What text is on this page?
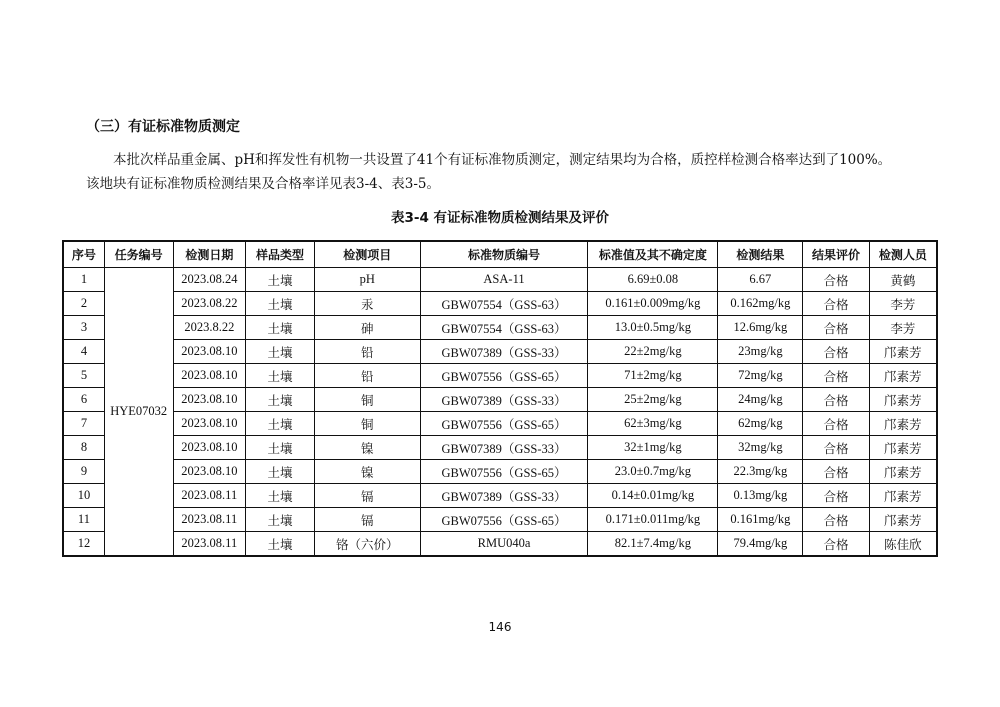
（三）有证标准物质测定
本批次样品重金属、pH和挥发性有机物一共设置了41个有证标准物质测定，测定结果均为合格，质控样检测合格率达到了100%。
该地块有证标准物质检测结果及合格率详见表3-4、表3-5。
表3-4 有证标准物质检测结果及评价
序号	任务编号	检测日期	样品类型	检测项目	标准物质编号	标准值及其不确定度	检测结果	结果评价	检测人员
1	HYE07032	2023.08.24	土壤	pH	ASA-11	6.69±0.08	6.67	合格	黄鹤
2		2023.08.22	土壤	汞	GBW07554（GSS-63）	0.161±0.009mg/kg	0.162mg/kg	合格	李芳
3		2023.8.22	土壤	砷	GBW07554（GSS-63）	13.0±0.5mg/kg	12.6mg/kg	合格	李芳
4		2023.08.10	土壤	铅	GBW07389（GSS-33）	22±2mg/kg	23mg/kg	合格	邝素芳
5		2023.08.10	土壤	铅	GBW07556（GSS-65）	71±2mg/kg	72mg/kg	合格	邝素芳
6		2023.08.10	土壤	铜	GBW07389（GSS-33）	25±2mg/kg	24mg/kg	合格	邝素芳
7		2023.08.10	土壤	铜	GBW07556（GSS-65）	62±3mg/kg	62mg/kg	合格	邝素芳
8		2023.08.10	土壤	镍	GBW07389（GSS-33）	32±1mg/kg	32mg/kg	合格	邝素芳
9		2023.08.10	土壤	镍	GBW07556（GSS-65）	23.0±0.7mg/kg	22.3mg/kg	合格	邝素芳
10		2023.08.11	土壤	镉	GBW07389（GSS-33）	0.14±0.01mg/kg	0.13mg/kg	合格	邝素芳
11		2023.08.11	土壤	镉	GBW07556（GSS-65）	0.171±0.011mg/kg	0.161mg/kg	合格	邝素芳
12		2023.08.11	土壤	铬（六价）	RMU040a	82.1±7.4mg/kg	79.4mg/kg	合格	陈佳欣
146
